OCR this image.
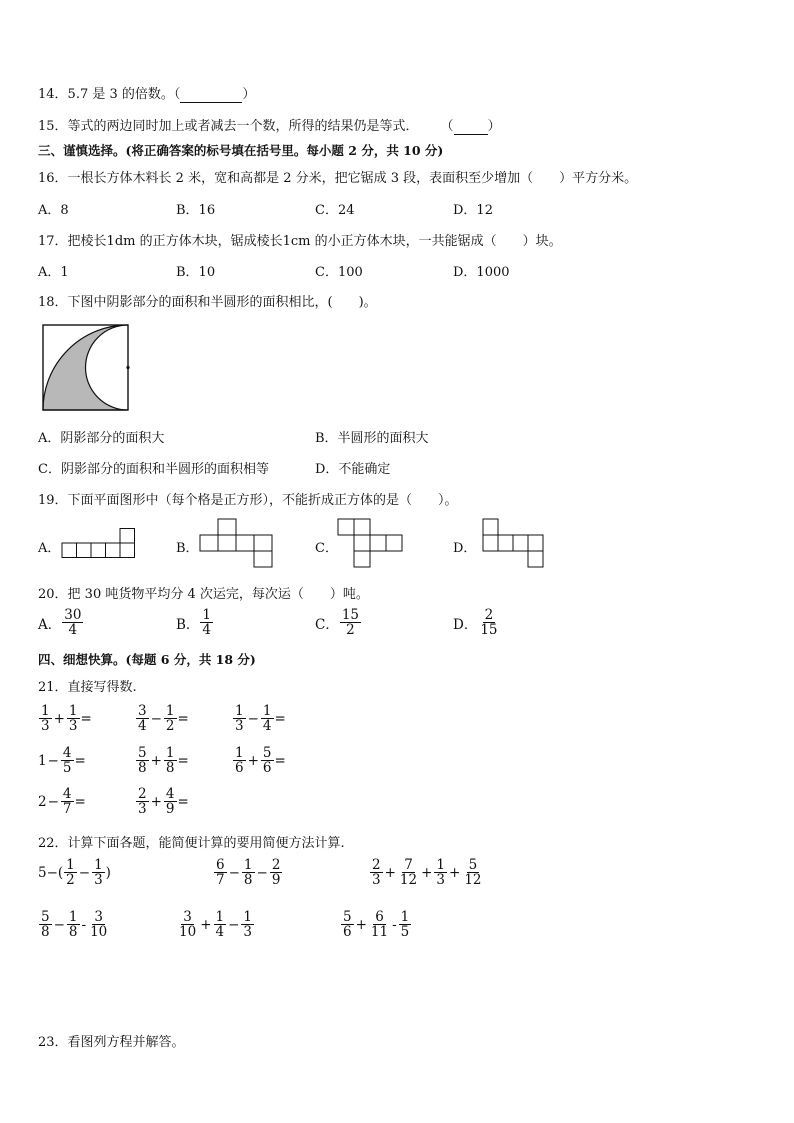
14．5.7 是 3 的倍数。（	）
15．等式的两边同时加上或者减去一个数，所得的结果仍是等式． （	）
三、谨慎选择。(将正确答案的标号填在括号里。每小题 2 分，共 10 分)
16．一根长方体木料长 2 米，宽和高都是 2 分米，把它锯成 3 段，表面积至少增加（　　）平方分米。
A．8	B．16	C．24	D．12
17．把棱长1dm 的正方体木块，锯成棱长1cm 的小正方体木块，一共能锯成（　　）块。
A．1	B．10	C．100	D．1000
18．下图中阴影部分的面积和半圆形的面积相比，(　　)。
A．阴影部分的面积大	B．半圆形的面积大
C．阴影部分的面积和半圆形的面积相等	D．不能确定
19．下面平面图形中（每个格是正方形），不能折成正方体的是（　　）。
A．	B．	C．	D．
20．把 30 吨货物平均分 4 次运完，每次运（　　）吨。
A． $\frac{30}{4}$	B． $\frac{1}{4}$	C． $\frac{15}{2}$	D． $\frac{2}{15}$
四、细想快算。(每题 6 分，共 18 分)
21．直接写得数.
$\frac{1}{3} + \frac{1}{3}$ =	$\frac{3}{4} - \frac{1}{2}$ =	$\frac{1}{3} - \frac{1}{4}$ =
$1 - \frac{4}{5}$ =	$\frac{5}{8} + \frac{1}{8}$ =	$\frac{1}{6} + \frac{5}{6}$ =
$2 - \frac{4}{7}$ =	$\frac{2}{3} + \frac{4}{9}$ =
22．计算下面各题，能简便计算的要用简便方法计算.
$5-( \frac{1}{2} - \frac{1}{3}$ )	$\frac{6}{7} - \frac{1}{8} - \frac{2}{9}$	$\frac{2}{3} + \frac{7}{12} + \frac{1}{3} + \frac{5}{12}$
$\frac{5}{8} - \frac{1}{8} - \frac{3}{10}$	$\frac{3}{10} + \frac{1}{4} - \frac{1}{3}$	$\frac{5}{6} + \frac{6}{11} - \frac{1}{5}$
23．看图列方程并解答。
